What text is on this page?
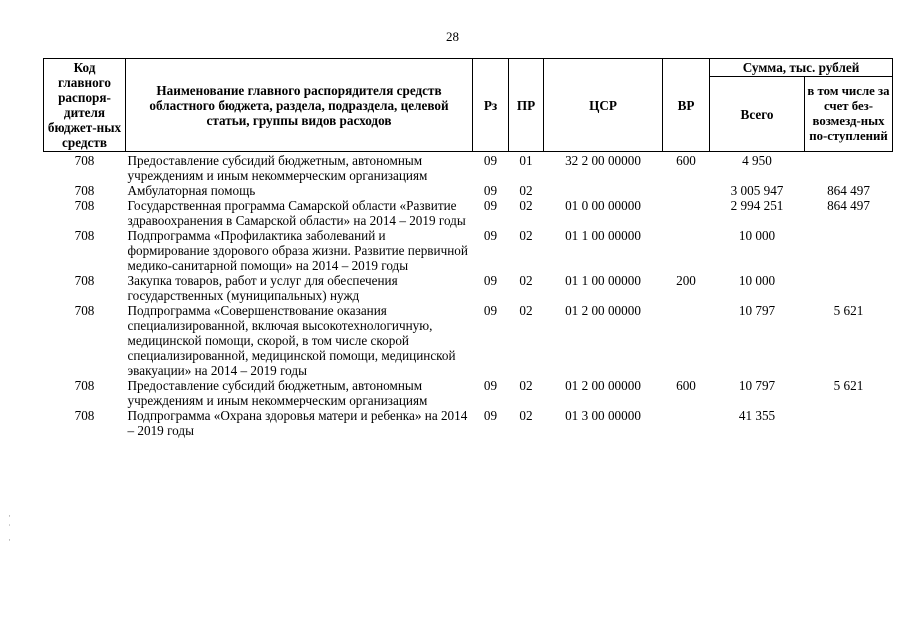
28
Код главного распоря-дителя бюджет-ных средств	Наименование главного распорядителя средств областного бюджета, раздела, подраздела, целевой статьи, группы видов расходов	Рз	ПР	ЦСР	ВР	Сумма, тыс. рублей	
						Всего	в том числе за счет без-возмезд-ных по-ступлений
708	Предоставление субсидий бюджетным, автономным учреждениям и иным некоммерческим организациям	09	01	32 2 00 00000	600	4 950	
708	Амбулаторная помощь	09	02			3 005 947	864 497
708	Государственная программа Самарской области «Развитие здравоохранения в Самарской области» на 2014 – 2019 годы	09	02	01 0 00 00000		2 994 251	864 497
708	Подпрограмма «Профилактика заболеваний и формирование здорового образа жизни. Развитие первичной медико-санитарной помощи» на 2014 – 2019 годы	09	02	01 1 00 00000		10 000	
708	Закупка товаров, работ и услуг для обеспечения государственных (муниципальных) нужд	09	02	01 1 00 00000	200	10 000	
708	Подпрограмма «Совершенствование оказания специализированной, включая высокотехнологичную, медицинской помощи, скорой, в том числе скорой специализированной, медицинской помощи, медицинской эвакуации» на 2014 – 2019 годы	09	02	01 2 00 00000		10 797	5 621
708	Предоставление субсидий бюджетным, автономным учреждениям и иным некоммерческим организациям	09	02	01 2 00 00000	600	10 797	5 621
708	Подпрограмма «Охрана здоровья матери и ребенка» на 2014 – 2019 годы	09	02	01 3 00 00000		41 355	
·
˙
·
